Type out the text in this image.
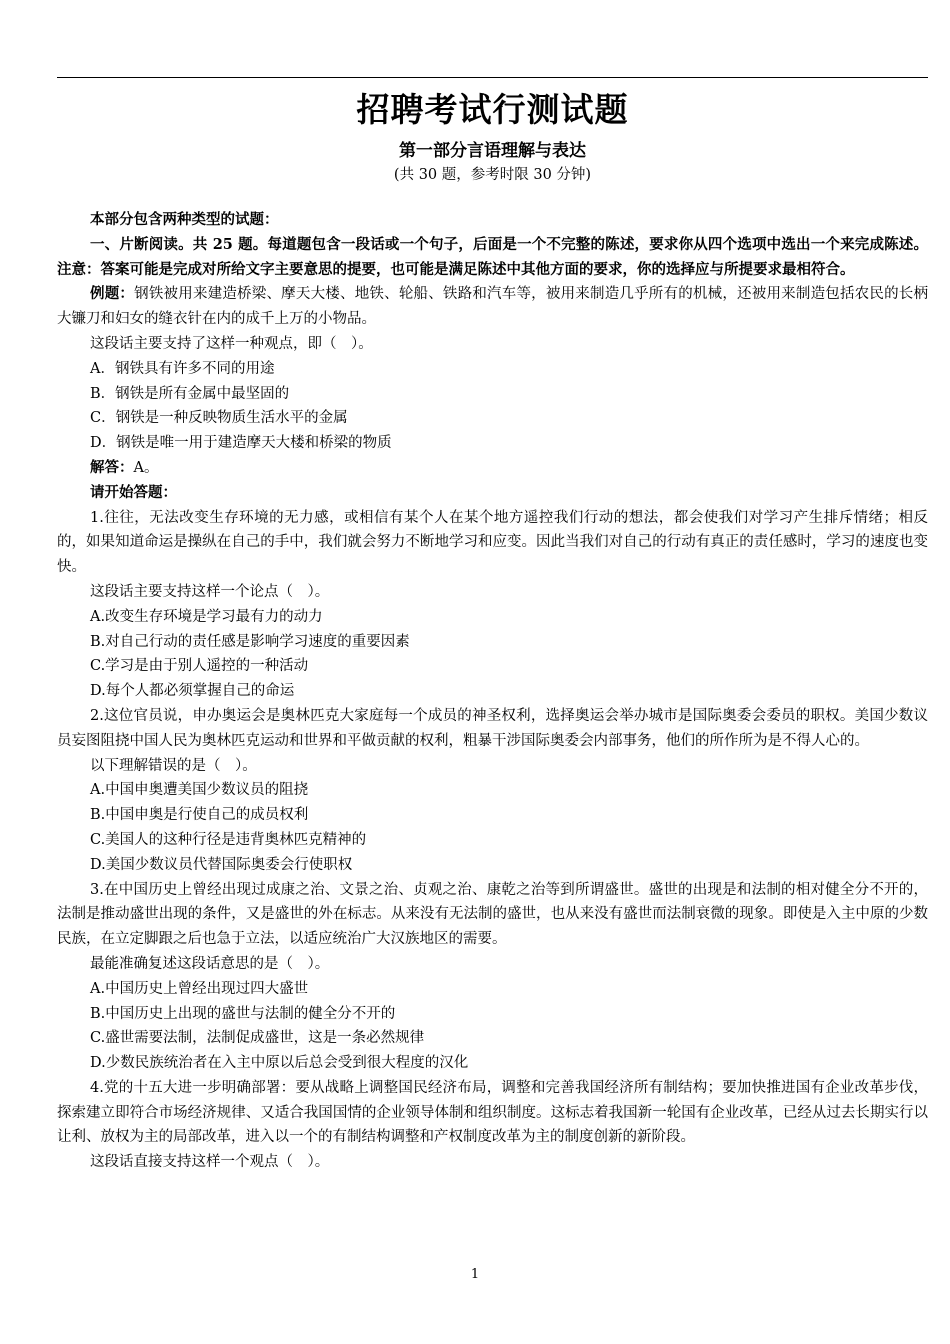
招聘考试行测试题
第一部分言语理解与表达
(共 30 题，参考时限 30 分钟)

本部分包含两种类型的试题：

一、片断阅读。共 25 题。每道题包含一段话或一个句子，后面是一个不完整的陈述，要求你从四个选项中选出一个来完成陈述。注意：答案可能是完成对所给文字主要意思的提要，也可能是满足陈述中其他方面的要求，你的选择应与所提要求最相符合。

例题：钢铁被用来建造桥梁、摩天大楼、地铁、轮船、铁路和汽车等，被用来制造几乎所有的机械，还被用来制造包括农民的长柄大镰刀和妇女的缝衣针在内的成千上万的小物品。

这段话主要支持了这样一种观点，即（　）。

A．钢铁具有许多不同的用途

B．钢铁是所有金属中最坚固的

C．钢铁是一种反映物质生活水平的金属

D．钢铁是唯一用于建造摩天大楼和桥梁的物质

解答：A。

请开始答题：

1.往往，无法改变生存环境的无力感，或相信有某个人在某个地方遥控我们行动的想法，都会使我们对学习产生排斥情绪；相反的，如果知道命运是操纵在自己的手中，我们就会努力不断地学习和应变。因此当我们对自己的行动有真正的责任感时，学习的速度也变快。

这段话主要支持这样一个论点（　）。

A.改变生存环境是学习最有力的动力

B.对自己行动的责任感是影响学习速度的重要因素

C.学习是由于别人遥控的一种活动

D.每个人都必须掌握自己的命运

2.这位官员说，申办奥运会是奥林匹克大家庭每一个成员的神圣权利，选择奥运会举办城市是国际奥委会委员的职权。美国少数议员妄图阻挠中国人民为奥林匹克运动和世界和平做贡献的权利，粗暴干涉国际奥委会内部事务，他们的所作所为是不得人心的。

以下理解错误的是（　）。

A.中国申奥遭美国少数议员的阻挠

B.中国申奥是行使自己的成员权利

C.美国人的这种行径是违背奥林匹克精神的

D.美国少数议员代替国际奥委会行使职权

3.在中国历史上曾经出现过成康之治、文景之治、贞观之治、康乾之治等到所谓盛世。盛世的出现是和法制的相对健全分不开的，法制是推动盛世出现的条件，又是盛世的外在标志。从来没有无法制的盛世，也从来没有盛世而法制衰微的现象。即使是入主中原的少数民族，在立定脚跟之后也急于立法，以适应统治广大汉族地区的需要。

最能准确复述这段话意思的是（　）。

A.中国历史上曾经出现过四大盛世

B.中国历史上出现的盛世与法制的健全分不开的

C.盛世需要法制，法制促成盛世，这是一条必然规律

D.少数民族统治者在入主中原以后总会受到很大程度的汉化

4.党的十五大进一步明确部署：要从战略上调整国民经济布局，调整和完善我国经济所有制结构；要加快推进国有企业改革步伐，探索建立即符合市场经济规律、又适合我国国情的企业领导体制和组织制度。这标志着我国新一轮国有企业改革，已经从过去长期实行以让利、放权为主的局部改革，进入以一个的有制结构调整和产权制度改革为主的制度创新的新阶段。

这段话直接支持这样一个观点（　）。

1
